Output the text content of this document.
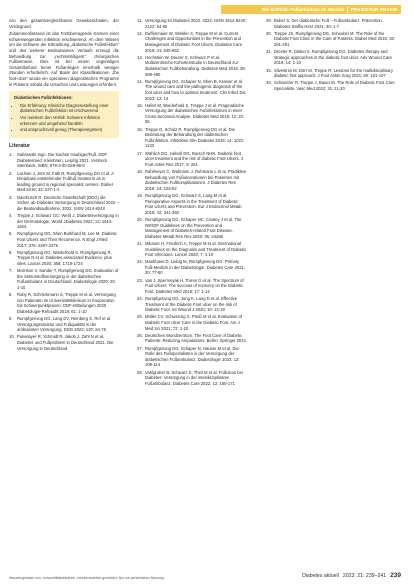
Die ärztliche Fußambulanz im Wandel PRAXIS FÜR PRAXIS

von den gesamtvergleichbaren Gewebeschäden, der Verdegrund.

Zusammenfassend ist das Fortüberragende Können einer schwerwiegenden Infektion erschwerend. An dem Wissen um die Schwere der Erkrankung „diabetische Fußinfektion“ und des weiterer Bedeutsamen Verlaufs erzeugt die Behandlung zur „rechtsmäßigem“ chirurgischen Fußbemsion. Dies ist bei einem ungünstigen Gesamtbefund ferner Fußanliegen innerhalb weniger Stunden erforderlich. Auf Basis der Klassifikationen „the foot-ulcer“ wurde ein operativen diagnostischen Programm in Präsenz sobald die Ursachen und Leistungen erfordern.

Diabetischen Fußinfektionen:

• Die Erfahrung: Klinische Diagnosestellung einer diabetischen Fußinfektion ist erschwerend
• Vor meistern den Verfall: Schwere Infektion erkennen und umgehend handeln
• und anspruchsvoll genug (Therapieregimen)
Literatur
1. Sabrowski Ingo. Die Sachse Haubiger/Fuß. DDF Diabetesmed. Kleinbrain, Leipzig 2021. Versteck Steinbeck, ISBN: 978-3-00-028-98-8
2. Lachsin J, Jörn M, Falk R, Rumpfgenvog DG et al. A Dreiphase entstehender Fußfuß treatment as to leading ground in regional specialist centers. Diabet Med 2016; 33: 237-1-2
3. Daerbusch R, Deutsche Gesellschaft (DDG) die Sicher, ab Diabetes Versorgung in Deutschland 2022 – die Bestandsaufnahme, 2022. ISSN 1614-824X
4. Treppe J, Schwarz GC, Weiß J, Diabetesversorgung in der Dermatologie. World JDiabetes 2022; 13: 1614-1624
5. Rumpfgenvog DG, Shen Burkhard M, Lee M. Diabetic Foot Ulcers and Their Recurrence. N Engl J Med 2017; 376: 2367-2375
6. Rumpfgenvog DG, Wiederhold S, Rumpfgenvog R, Treppe N et al. Diabetes associated Evidence, plus sites. Lancet 2020; 366: 1719-1724
7. Morrison V, Sander T, Rumpfgenvog DG. Evaluation of the Sektorstoffversorgung in der diabetischen Fußambulanz in Deutschland. Diabetologie 2020; 20: 1-10
8. Ruby R, Schröckmann S, Treppe M et al. Versorgung von Patienten im Universitätsklinikum in Kooperation mit Schwerpunktpraxen. DDF-Mitteilungen 2020 Diabetologie-Rehaudit 2019; 61: 1-10
9. Rumpfgenvog DG, Lang DV, Reinberg S, Ref et al. Versorgungsstruktur und Fußqualität in der ambulanten Versorgung. DDG 2023; 120: 64-75
10. Pulvelayer R, Schmidt R, Jakob J, Zahl N et al. Diabetes und Fußproblem in Deutschland 2021. Die Versorgung in Deutschland
11. Versorgung im Diabetes 2022. 2022. ISSN 1614-824X; 2122: 54-55
12. Duffenmaier W, Winkler S, Treppe M et al. Current Challenges and Opportunities in the Prevention and Management of Diabetic Foot Ulcers. Diabetes Care 2018; 41: 645-652
13. Hochstein W, Deurer S, Schwarz P et al. Multizentrische Kohortenstudie in Deutschland zur diabetischen Fußbehandlung. Diabetes Med 2018; 38: 489-490
14. Rumpfgenvog DG, Schaper N, Shen B, Kramer et al. The wound care and the pathogenic diagnosis of the foot ulcer and how to optimal treatment. Clin Infect Dis 2023; 12: 14
15. Haferl M, Wiederhold S, Treppe J et al. Pragmatische Versorgung der diabetischen Fußinfektionen in einer Cross-Sectional Analyse. Diabetes Med 2018; 12: 22-55
16. Treppe D, Schulz R, Rumpfgenvog DG et al. Die Bedeutung der Behandlung der diabetischen Fußinfektion. Infektiöse Klin Diabetes 2019; 14: 1021-1133
17. Wählich DG, Halvoll DG, Borsch NHN. Diabetic foot ulcer treatment and the risk of diabetic Foot Ulcers. J Foot Ankle Res 2017; 9: 251
18. Rahlmeyer C, Widmann J, Ruhmann L et al. Prädiktive Behandlung von Fußulcerationen bei Patienten mit diabetischen Fußkomplikationen. J Diabetes Res 2018; 24: 103-52
19. Rumpfgenvog DG, Schwarz S, Lang M et al. Perioperative Aspects in the Treatment of Diabetic Foot Ulcers and Prevention. Eur J Endocrinol Metab 2019; 42: 341-350
20. Rumpfgenvog DG, Schaper NC, Cowley J et al. The IWGDF Guidelines on the Prevention and Management of Diabetes-related Foot Disease. Diabetes Metab Res Rev 2020; 36: e3266
21. Mikauer H, Friedrich A, Treppe M et al. International Guidelines on the Diagnosis and Treatment of Diabetic Foot Infections. Lancet 2020; 7: 1-10
22. Mankhaus D, Liebig M, Rumpfgenvog DG. Primary Fuß-Medizin in der Diabetologie. Diabetes Care 2021; 30: 77-80
23. Van J, Spermoyak H, Torres G et al. The Spectrum of Foot Ulcers: The success of recovery on the Diabetic Foot. Diabetes Med 2019; 17: 1-12
24. Rumpfgenvog DG, Jung K, Lang D et al. Effective Treatment of the Diabetic Foot ulcer on the risk of Diabetic Foot. Int Wound J 2020; 10: 13-19
25. Müller CV, Schwenzig S, Preiß M et al. Evaluation of Diabetic Foot Ulcer Care in the Diabetic Foot. Am J Med Sci 2021; 72: 1-10
26. Deutsches Wundzentrum. The Foot Care of Diabetic Patients: Reducing Amputations. Berlin: Springer 2021
27. Rumpfgenvog DG, Schaper N, Hauser M et al. Die Rolle des Fußspezialisten in der Versorgung der diabetischen Fußambulanz. Diabetologie 2023; 13: 109-114
28. Vahlgruber B, Schwarz S, Theil M et al. Fußulcus bei Diabetes: Versorgung in der interdisziplinären Fußambulanz. Diabetes Care 2022; 12: 160-171
29. Buber S. Der diabetische Fuß – Fußambulanz. Prävention. Diabetes Stoffw Herz 2021; 30: 1-7
30. Treppe JS, Rumpfgenvog DG, Scheubel M. The Role of the Diabetic Foot Clinic in the Care of Patients. Diabet Med 2016; 33: 281-291
31. Drexler R, Dinkel S, Rumpfgenvog DG. Diabetes therapy and strategic approaches in the diabetic foot ulcer. Adv Wound Care 2019; 14: 1-10
32. Silvestrini M, Dörr M, Treppe R. Lessons for the multidisciplinary diabetic foot approach. J Foot Ankle Surg 2021; 60: 101-107
33. Schwarzer R, Treppe J, Bauer M. The Role of Diabetic Foot Care Specialists. Vasc Med 2022; 31: 11-20
Heruntergeladen von: Universitätsbibliothek. Urheberrechtlich geschützt. Nur zur persönlichen Nutzung.	Diabetes aktuell 2023; 21: 239–241 239
